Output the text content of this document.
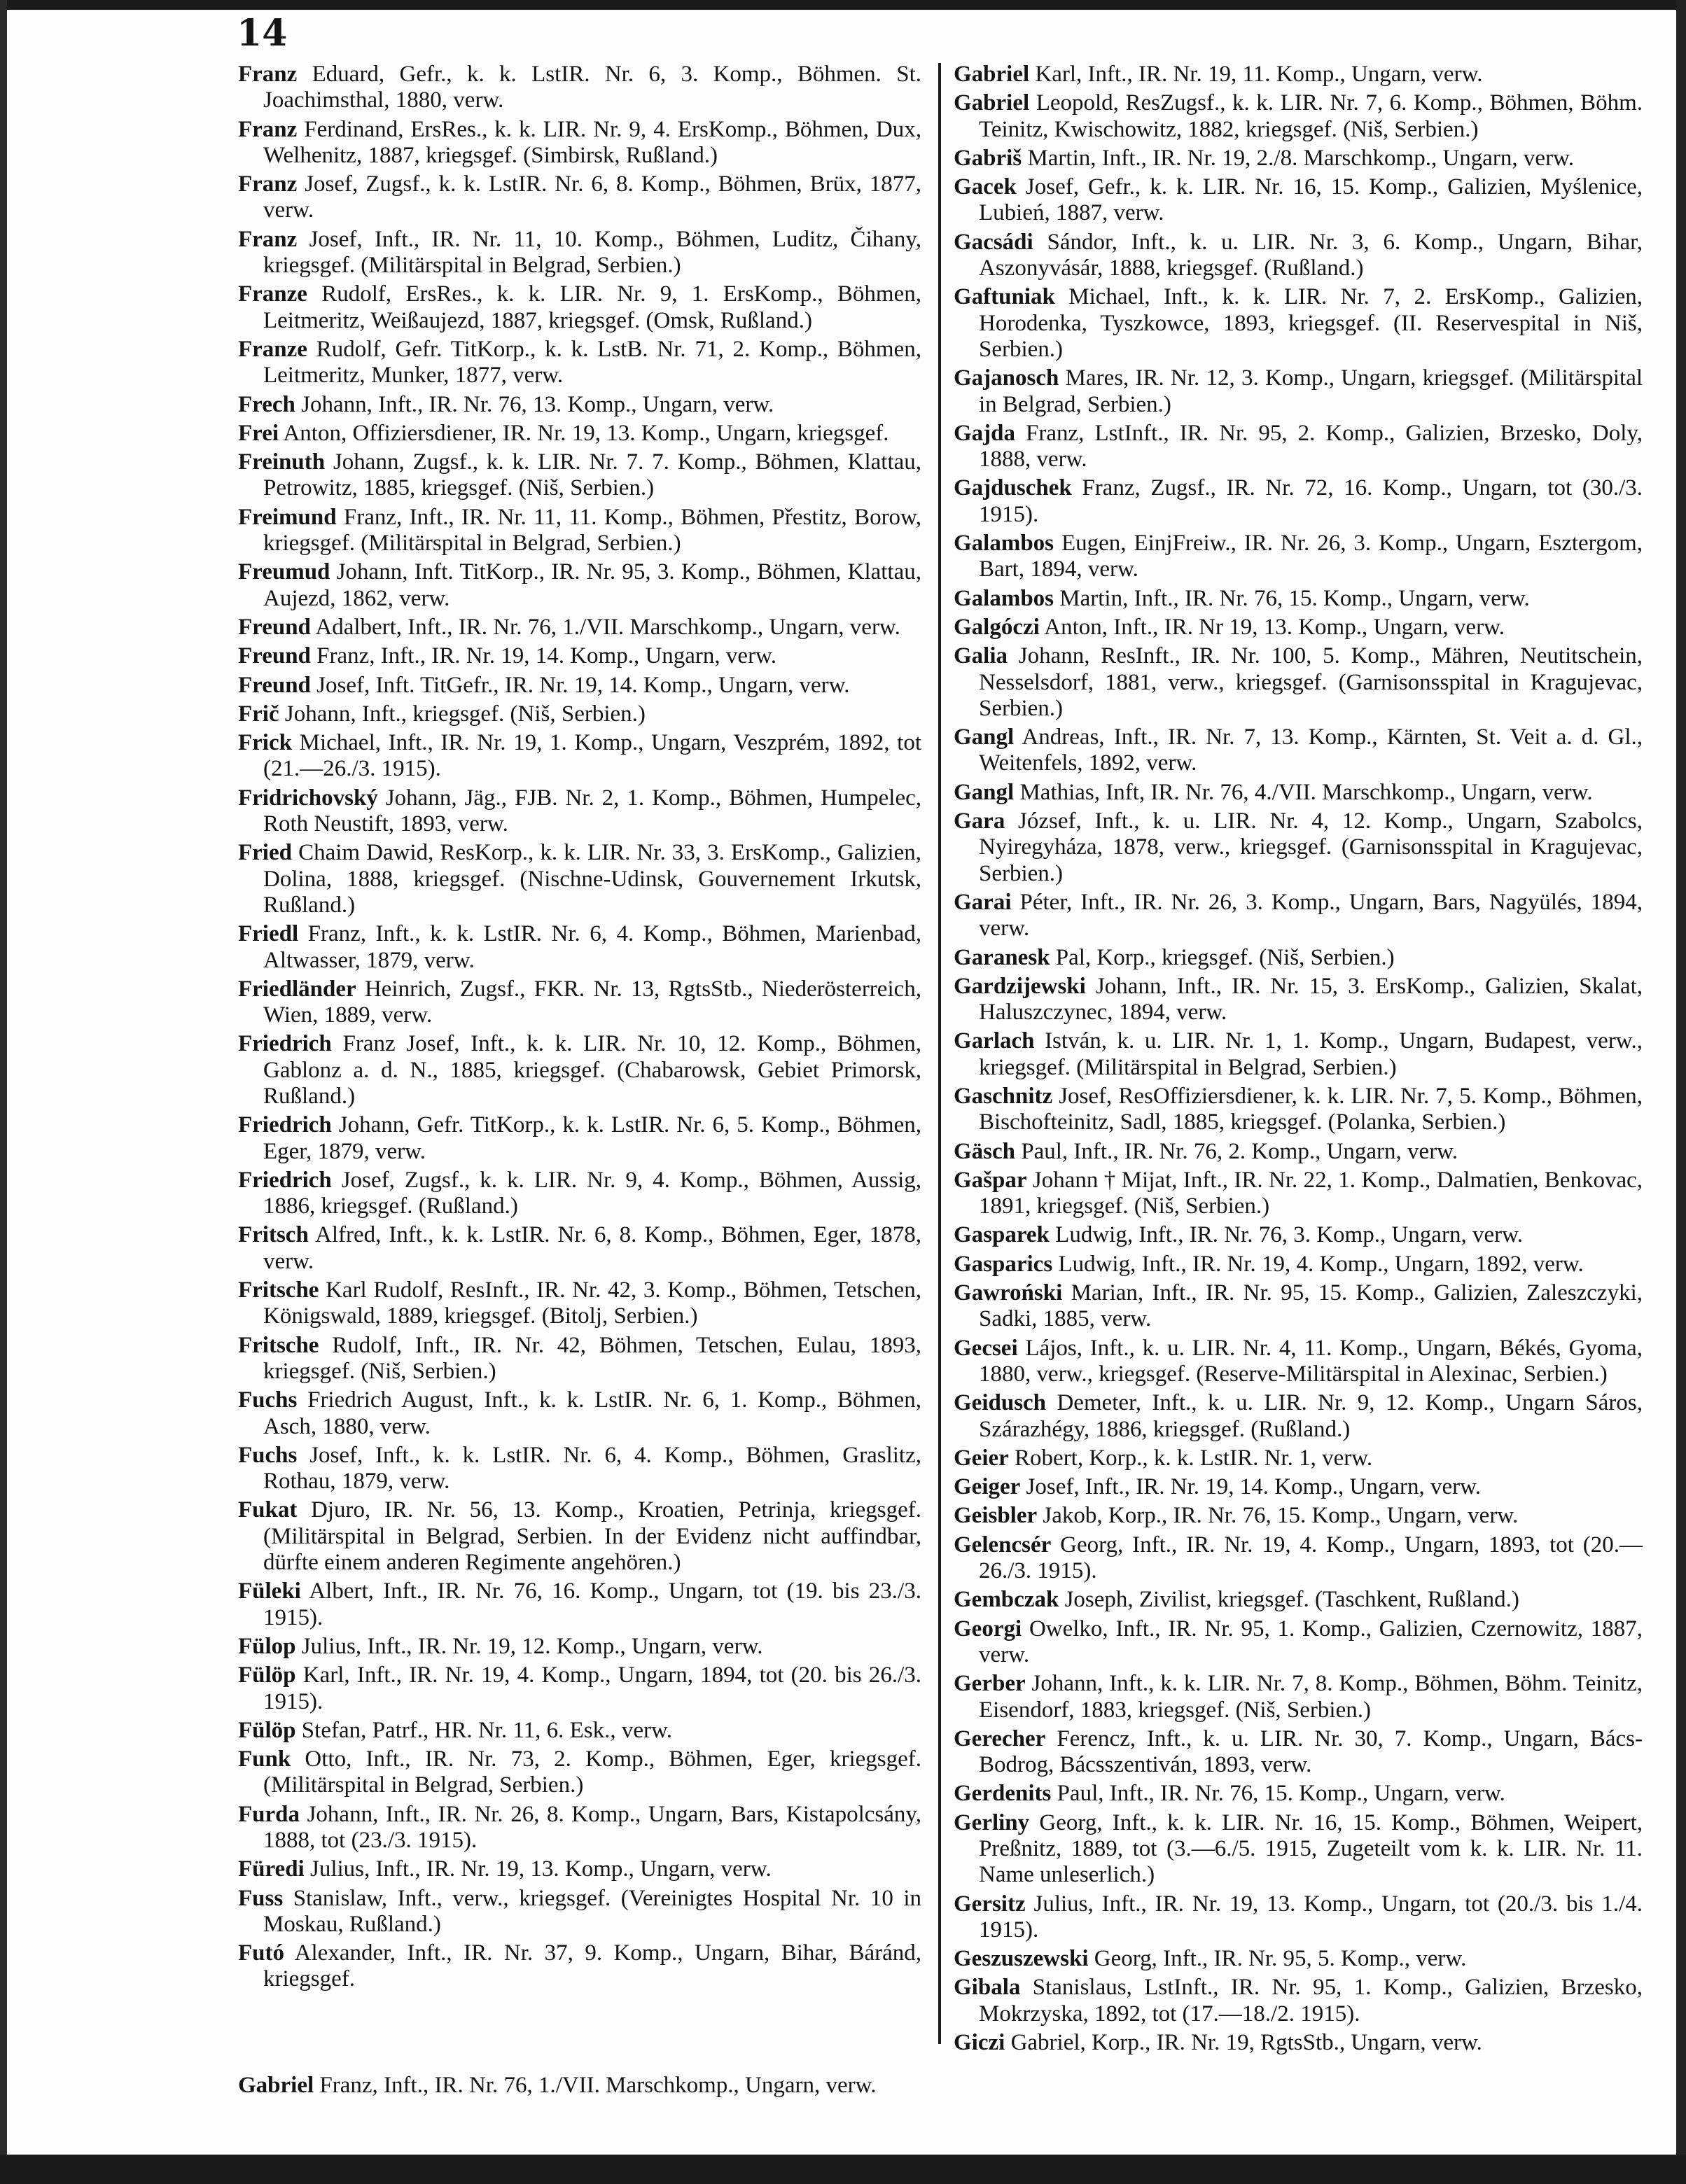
14
Franz Eduard, Gefr., k. k. LstIR. Nr. 6, 3. Komp., Böhmen. St. Joachimsthal, 1880, verw.
Franz Ferdinand, ErsRes., k. k. LIR. Nr. 9, 4. ErsKomp., Böhmen, Dux, Welhenitz, 1887, kriegsgef. (Simbirsk, Rußland.)
Franz Josef, Zugsf., k. k. LstIR. Nr. 6, 8. Komp., Böhmen, Brüx, 1877, verw.
Franz Josef, Inft., IR. Nr. 11, 10. Komp., Böhmen, Luditz, Čihany, kriegsgef. (Militärspital in Belgrad, Serbien.)
Franze Rudolf, ErsRes., k. k. LIR. Nr. 9, 1. ErsKomp., Böhmen, Leitmeritz, Weißaujezd, 1887, kriegsgef. (Omsk, Rußland.)
Franze Rudolf, Gefr. TitKorp., k. k. LstB. Nr. 71, 2. Komp., Böhmen, Leitmeritz, Munker, 1877, verw.
Frech Johann, Inft., IR. Nr. 76, 13. Komp., Ungarn, verw.
Frei Anton, Offiziersdiener, IR. Nr. 19, 13. Komp., Ungarn, kriegsgef.
Freinuth Johann, Zugsf., k. k. LIR. Nr. 7. 7. Komp., Böhmen, Klattau, Petrowitz, 1885, kriegsgef. (Niš, Serbien.)
Freimund Franz, Inft., IR. Nr. 11, 11. Komp., Böhmen, Přestitz, Borow, kriegsgef. (Militärspital in Belgrad, Serbien.)
Freumud Johann, Inft. TitKorp., IR. Nr. 95, 3. Komp., Böhmen, Klattau, Aujezd, 1862, verw.
Freund Adalbert, Inft., IR. Nr. 76, 1./VII. Marschkomp., Ungarn, verw.
Freund Franz, Inft., IR. Nr. 19, 14. Komp., Ungarn, verw.
Freund Josef, Inft. TitGefr., IR. Nr. 19, 14. Komp., Ungarn, verw.
Frič Johann, Inft., kriegsgef. (Niš, Serbien.)
Frick Michael, Inft., IR. Nr. 19, 1. Komp., Ungarn, Veszprém, 1892, tot (21.—26./3. 1915).
Fridrichovský Johann, Jäg., FJB. Nr. 2, 1. Komp., Böhmen, Humpelec, Roth Neustift, 1893, verw.
Fried Chaim Dawid, ResKorp., k. k. LIR. Nr. 33, 3. ErsKomp., Galizien, Dolina, 1888, kriegsgef. (Nischne-Udinsk, Gouvernement Irkutsk, Rußland.)
Friedl Franz, Inft., k. k. LstIR. Nr. 6, 4. Komp., Böhmen, Marienbad, Altwasser, 1879, verw.
Friedländer Heinrich, Zugsf., FKR. Nr. 13, RgtsStb., Niederösterreich, Wien, 1889, verw.
Friedrich Franz Josef, Inft., k. k. LIR. Nr. 10, 12. Komp., Böhmen, Gablonz a. d. N., 1885, kriegsgef. (Chabarowsk, Gebiet Primorsk, Rußland.)
Friedrich Johann, Gefr. TitKorp., k. k. LstIR. Nr. 6, 5. Komp., Böhmen, Eger, 1879, verw.
Friedrich Josef, Zugsf., k. k. LIR. Nr. 9, 4. Komp., Böhmen, Aussig, 1886, kriegsgef. (Rußland.)
Fritsch Alfred, Inft., k. k. LstIR. Nr. 6, 8. Komp., Böhmen, Eger, 1878, verw.
Fritsche Karl Rudolf, ResInft., IR. Nr. 42, 3. Komp., Böhmen, Tetschen, Königswald, 1889, kriegsgef. (Bitolj, Serbien.)
Fritsche Rudolf, Inft., IR. Nr. 42, Böhmen, Tetschen, Eulau, 1893, kriegsgef. (Niš, Serbien.)
Fuchs Friedrich August, Inft., k. k. LstIR. Nr. 6, 1. Komp., Böhmen, Asch, 1880, verw.
Fuchs Josef, Inft., k. k. LstIR. Nr. 6, 4. Komp., Böhmen, Graslitz, Rothau, 1879, verw.
Fukat Djuro, IR. Nr. 56, 13. Komp., Kroatien, Petrinja, kriegsgef. (Militärspital in Belgrad, Serbien. In der Evidenz nicht auffindbar, dürfte einem anderen Regimente angehören.)
Füleki Albert, Inft., IR. Nr. 76, 16. Komp., Ungarn, tot (19. bis 23./3. 1915).
Fülop Julius, Inft., IR. Nr. 19, 12. Komp., Ungarn, verw.
Fülöp Karl, Inft., IR. Nr. 19, 4. Komp., Ungarn, 1894, tot (20. bis 26./3. 1915).
Fülöp Stefan, Patrf., HR. Nr. 11, 6. Esk., verw.
Funk Otto, Inft., IR. Nr. 73, 2. Komp., Böhmen, Eger, kriegsgef. (Militärspital in Belgrad, Serbien.)
Furda Johann, Inft., IR. Nr. 26, 8. Komp., Ungarn, Bars, Kistapolcsány, 1888, tot (23./3. 1915).
Füredi Julius, Inft., IR. Nr. 19, 13. Komp., Ungarn, verw.
Fuss Stanislaw, Inft., verw., kriegsgef. (Vereinigtes Hospital Nr. 10 in Moskau, Rußland.)
Futó Alexander, Inft., IR. Nr. 37, 9. Komp., Ungarn, Bihar, Báránd, kriegsgef.
Gabriel Franz, Inft., IR. Nr. 76, 1./VII. Marschkomp., Ungarn, verw.
Gabriel Karl, Inft., IR. Nr. 19, 11. Komp., Ungarn, verw.
Gabriel Leopold, ResZugsf., k. k. LIR. Nr. 7, 6. Komp., Böhmen, Böhm. Teinitz, Kwischowitz, 1882, kriegsgef. (Niš, Serbien.)
Gabriš Martin, Inft., IR. Nr. 19, 2./8. Marschkomp., Ungarn, verw.
Gacek Josef, Gefr., k. k. LIR. Nr. 16, 15. Komp., Galizien, Myślenice, Lubień, 1887, verw.
Gacsádi Sándor, Inft., k. u. LIR. Nr. 3, 6. Komp., Ungarn, Bihar, Aszonyvásár, 1888, kriegsgef. (Rußland.)
Gaftuniak Michael, Inft., k. k. LIR. Nr. 7, 2. ErsKomp., Galizien, Horodenka, Tyszkowce, 1893, kriegsgef. (II. Reservespital in Niš, Serbien.)
Gajanosch Mares, IR. Nr. 12, 3. Komp., Ungarn, kriegsgef. (Militärspital in Belgrad, Serbien.)
Gajda Franz, LstInft., IR. Nr. 95, 2. Komp., Galizien, Brzesko, Doly, 1888, verw.
Gajduschek Franz, Zugsf., IR. Nr. 72, 16. Komp., Ungarn, tot (30./3. 1915).
Galambos Eugen, EinjFreiw., IR. Nr. 26, 3. Komp., Ungarn, Esztergom, Bart, 1894, verw.
Galambos Martin, Inft., IR. Nr. 76, 15. Komp., Ungarn, verw.
Galgóczi Anton, Inft., IR. Nr 19, 13. Komp., Ungarn, verw.
Galia Johann, ResInft., IR. Nr. 100, 5. Komp., Mähren, Neutitschein, Nesselsdorf, 1881, verw., kriegsgef. (Garnisonsspital in Kragujevac, Serbien.)
Gangl Andreas, Inft., IR. Nr. 7, 13. Komp., Kärnten, St. Veit a. d. Gl., Weitenfels, 1892, verw.
Gangl Mathias, Inft, IR. Nr. 76, 4./VII. Marschkomp., Ungarn, verw.
Gara József, Inft., k. u. LIR. Nr. 4, 12. Komp., Ungarn, Szabolcs, Nyiregyháza, 1878, verw., kriegsgef. (Garnisonsspital in Kragujevac, Serbien.)
Garai Péter, Inft., IR. Nr. 26, 3. Komp., Ungarn, Bars, Nagyülés, 1894, verw.
Garanesk Pal, Korp., kriegsgef. (Niš, Serbien.)
Gardzijewski Johann, Inft., IR. Nr. 15, 3. ErsKomp., Galizien, Skalat, Haluszczynec, 1894, verw.
Garlach István, k. u. LIR. Nr. 1, 1. Komp., Ungarn, Budapest, verw., kriegsgef. (Militärspital in Belgrad, Serbien.)
Gaschnitz Josef, ResOffiziersdiener, k. k. LIR. Nr. 7, 5. Komp., Böhmen, Bischofteinitz, Sadl, 1885, kriegsgef. (Polanka, Serbien.)
Gäsch Paul, Inft., IR. Nr. 76, 2. Komp., Ungarn, verw.
Gašpar Johann † Mijat, Inft., IR. Nr. 22, 1. Komp., Dalmatien, Benkovac, 1891, kriegsgef. (Niš, Serbien.)
Gasparek Ludwig, Inft., IR. Nr. 76, 3. Komp., Ungarn, verw.
Gasparics Ludwig, Inft., IR. Nr. 19, 4. Komp., Ungarn, 1892, verw.
Gawroński Marian, Inft., IR. Nr. 95, 15. Komp., Galizien, Zaleszczyki, Sadki, 1885, verw.
Gecsei Lájos, Inft., k. u. LIR. Nr. 4, 11. Komp., Ungarn, Békés, Gyoma, 1880, verw., kriegsgef. (Reserve-Militärspital in Alexinac, Serbien.)
Geidusch Demeter, Inft., k. u. LIR. Nr. 9, 12. Komp., Ungarn Sáros, Szárazhégy, 1886, kriegsgef. (Rußland.)
Geier Robert, Korp., k. k. LstIR. Nr. 1, verw.
Geiger Josef, Inft., IR. Nr. 19, 14. Komp., Ungarn, verw.
Geisbler Jakob, Korp., IR. Nr. 76, 15. Komp., Ungarn, verw.
Gelencsér Georg, Inft., IR. Nr. 19, 4. Komp., Ungarn, 1893, tot (20.—26./3. 1915).
Gembczak Joseph, Zivilist, kriegsgef. (Taschkent, Rußland.)
Georgi Owelko, Inft., IR. Nr. 95, 1. Komp., Galizien, Czernowitz, 1887, verw.
Gerber Johann, Inft., k. k. LIR. Nr. 7, 8. Komp., Böhmen, Böhm. Teinitz, Eisendorf, 1883, kriegsgef. (Niš, Serbien.)
Gerecher Ferencz, Inft., k. u. LIR. Nr. 30, 7. Komp., Ungarn, Bács-Bodrog, Bácsszentiván, 1893, verw.
Gerdenits Paul, Inft., IR. Nr. 76, 15. Komp., Ungarn, verw.
Gerliny Georg, Inft., k. k. LIR. Nr. 16, 15. Komp., Böhmen, Weipert, Preßnitz, 1889, tot (3.—6./5. 1915, Zugeteilt vom k. k. LIR. Nr. 11. Name unleserlich.)
Gersitz Julius, Inft., IR. Nr. 19, 13. Komp., Ungarn, tot (20./3. bis 1./4. 1915).
Geszuszewski Georg, Inft., IR. Nr. 95, 5. Komp., verw.
Gibala Stanislaus, LstInft., IR. Nr. 95, 1. Komp., Galizien, Brzesko, Mokrzyska, 1892, tot (17.—18./2. 1915).
Giczi Gabriel, Korp., IR. Nr. 19, RgtsStb., Ungarn, verw.
